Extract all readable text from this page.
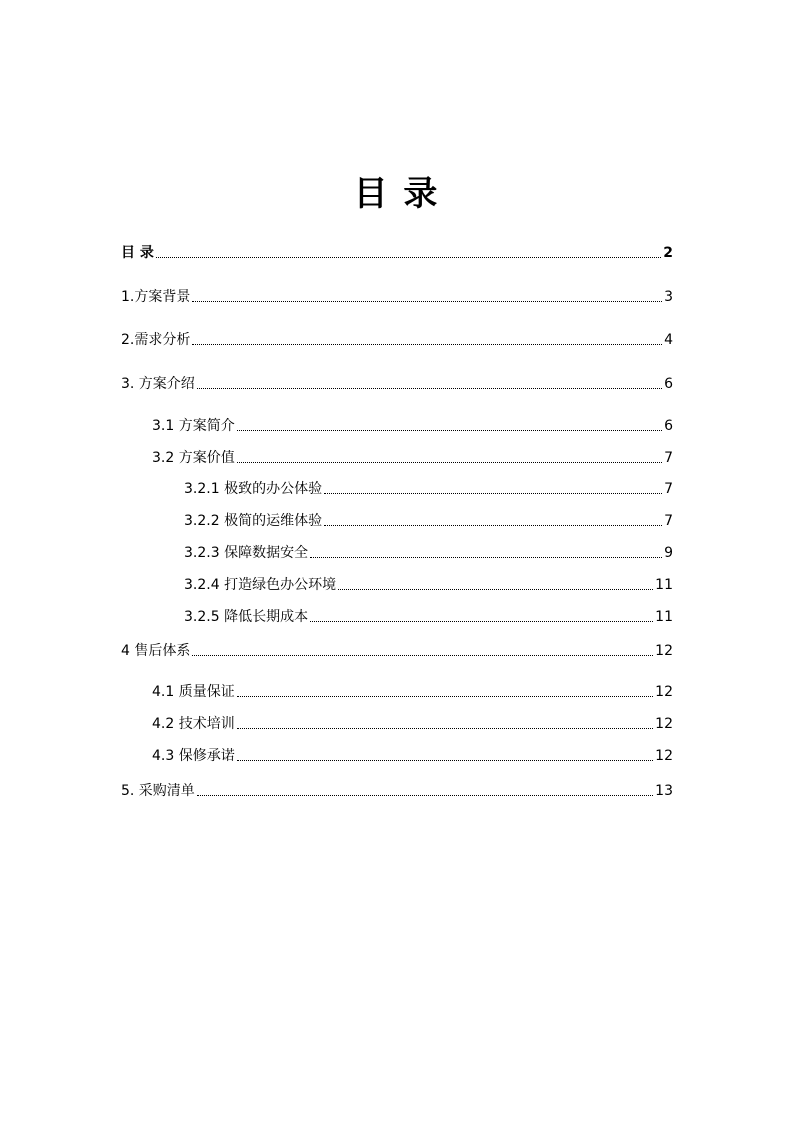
目 录
目 录	2
1.方案背景	3
2.需求分析	4
3. 方案介绍	6
3.1 方案简介	6
3.2 方案价值	7
3.2.1 极致的办公体验	7
3.2.2 极简的运维体验	7
3.2.3 保障数据安全	9
3.2.4 打造绿色办公环境	11
3.2.5 降低长期成本	11
4 售后体系	12
4.1 质量保证	12
4.2 技术培训	12
4.3 保修承诺	12
5. 采购清单	13
